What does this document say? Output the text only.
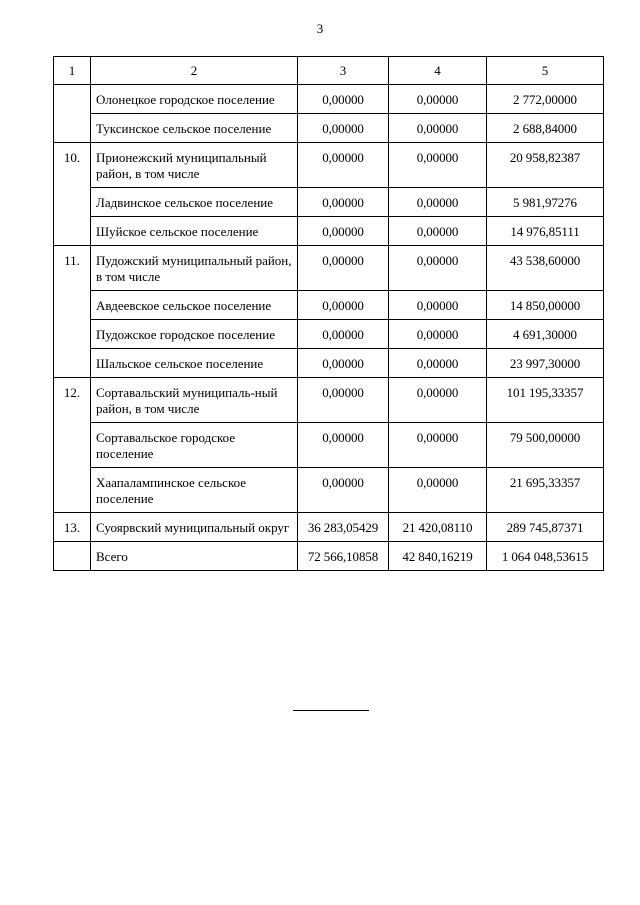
3
1	2	3	4	5
	Олонецкое городское поселение	0,00000	0,00000	2 772,00000
	Туксинское сельское поселение	0,00000	0,00000	2 688,84000
10.	Прионежский муниципальный район, в том числе	0,00000	0,00000	20 958,82387
	Ладвинское сельское поселение	0,00000	0,00000	5 981,97276
	Шуйское сельское поселение	0,00000	0,00000	14 976,85111
11.	Пудожский муниципальный район, в том числе	0,00000	0,00000	43 538,60000
	Авдеевское сельское поселение	0,00000	0,00000	14 850,00000
	Пудожское городское поселение	0,00000	0,00000	4 691,30000
	Шальское сельское поселение	0,00000	0,00000	23 997,30000
12.	Сортавальский муниципаль-ный район, в том числе	0,00000	0,00000	101 195,33357
	Сортавальское городское поселение	0,00000	0,00000	79 500,00000
	Хаапалампинское сельское поселение	0,00000	0,00000	21 695,33357
13.	Суоярвский муниципальный округ	36 283,05429	21 420,08110	289 745,87371
	Всего	72 566,10858	42 840,16219	1 064 048,53615
